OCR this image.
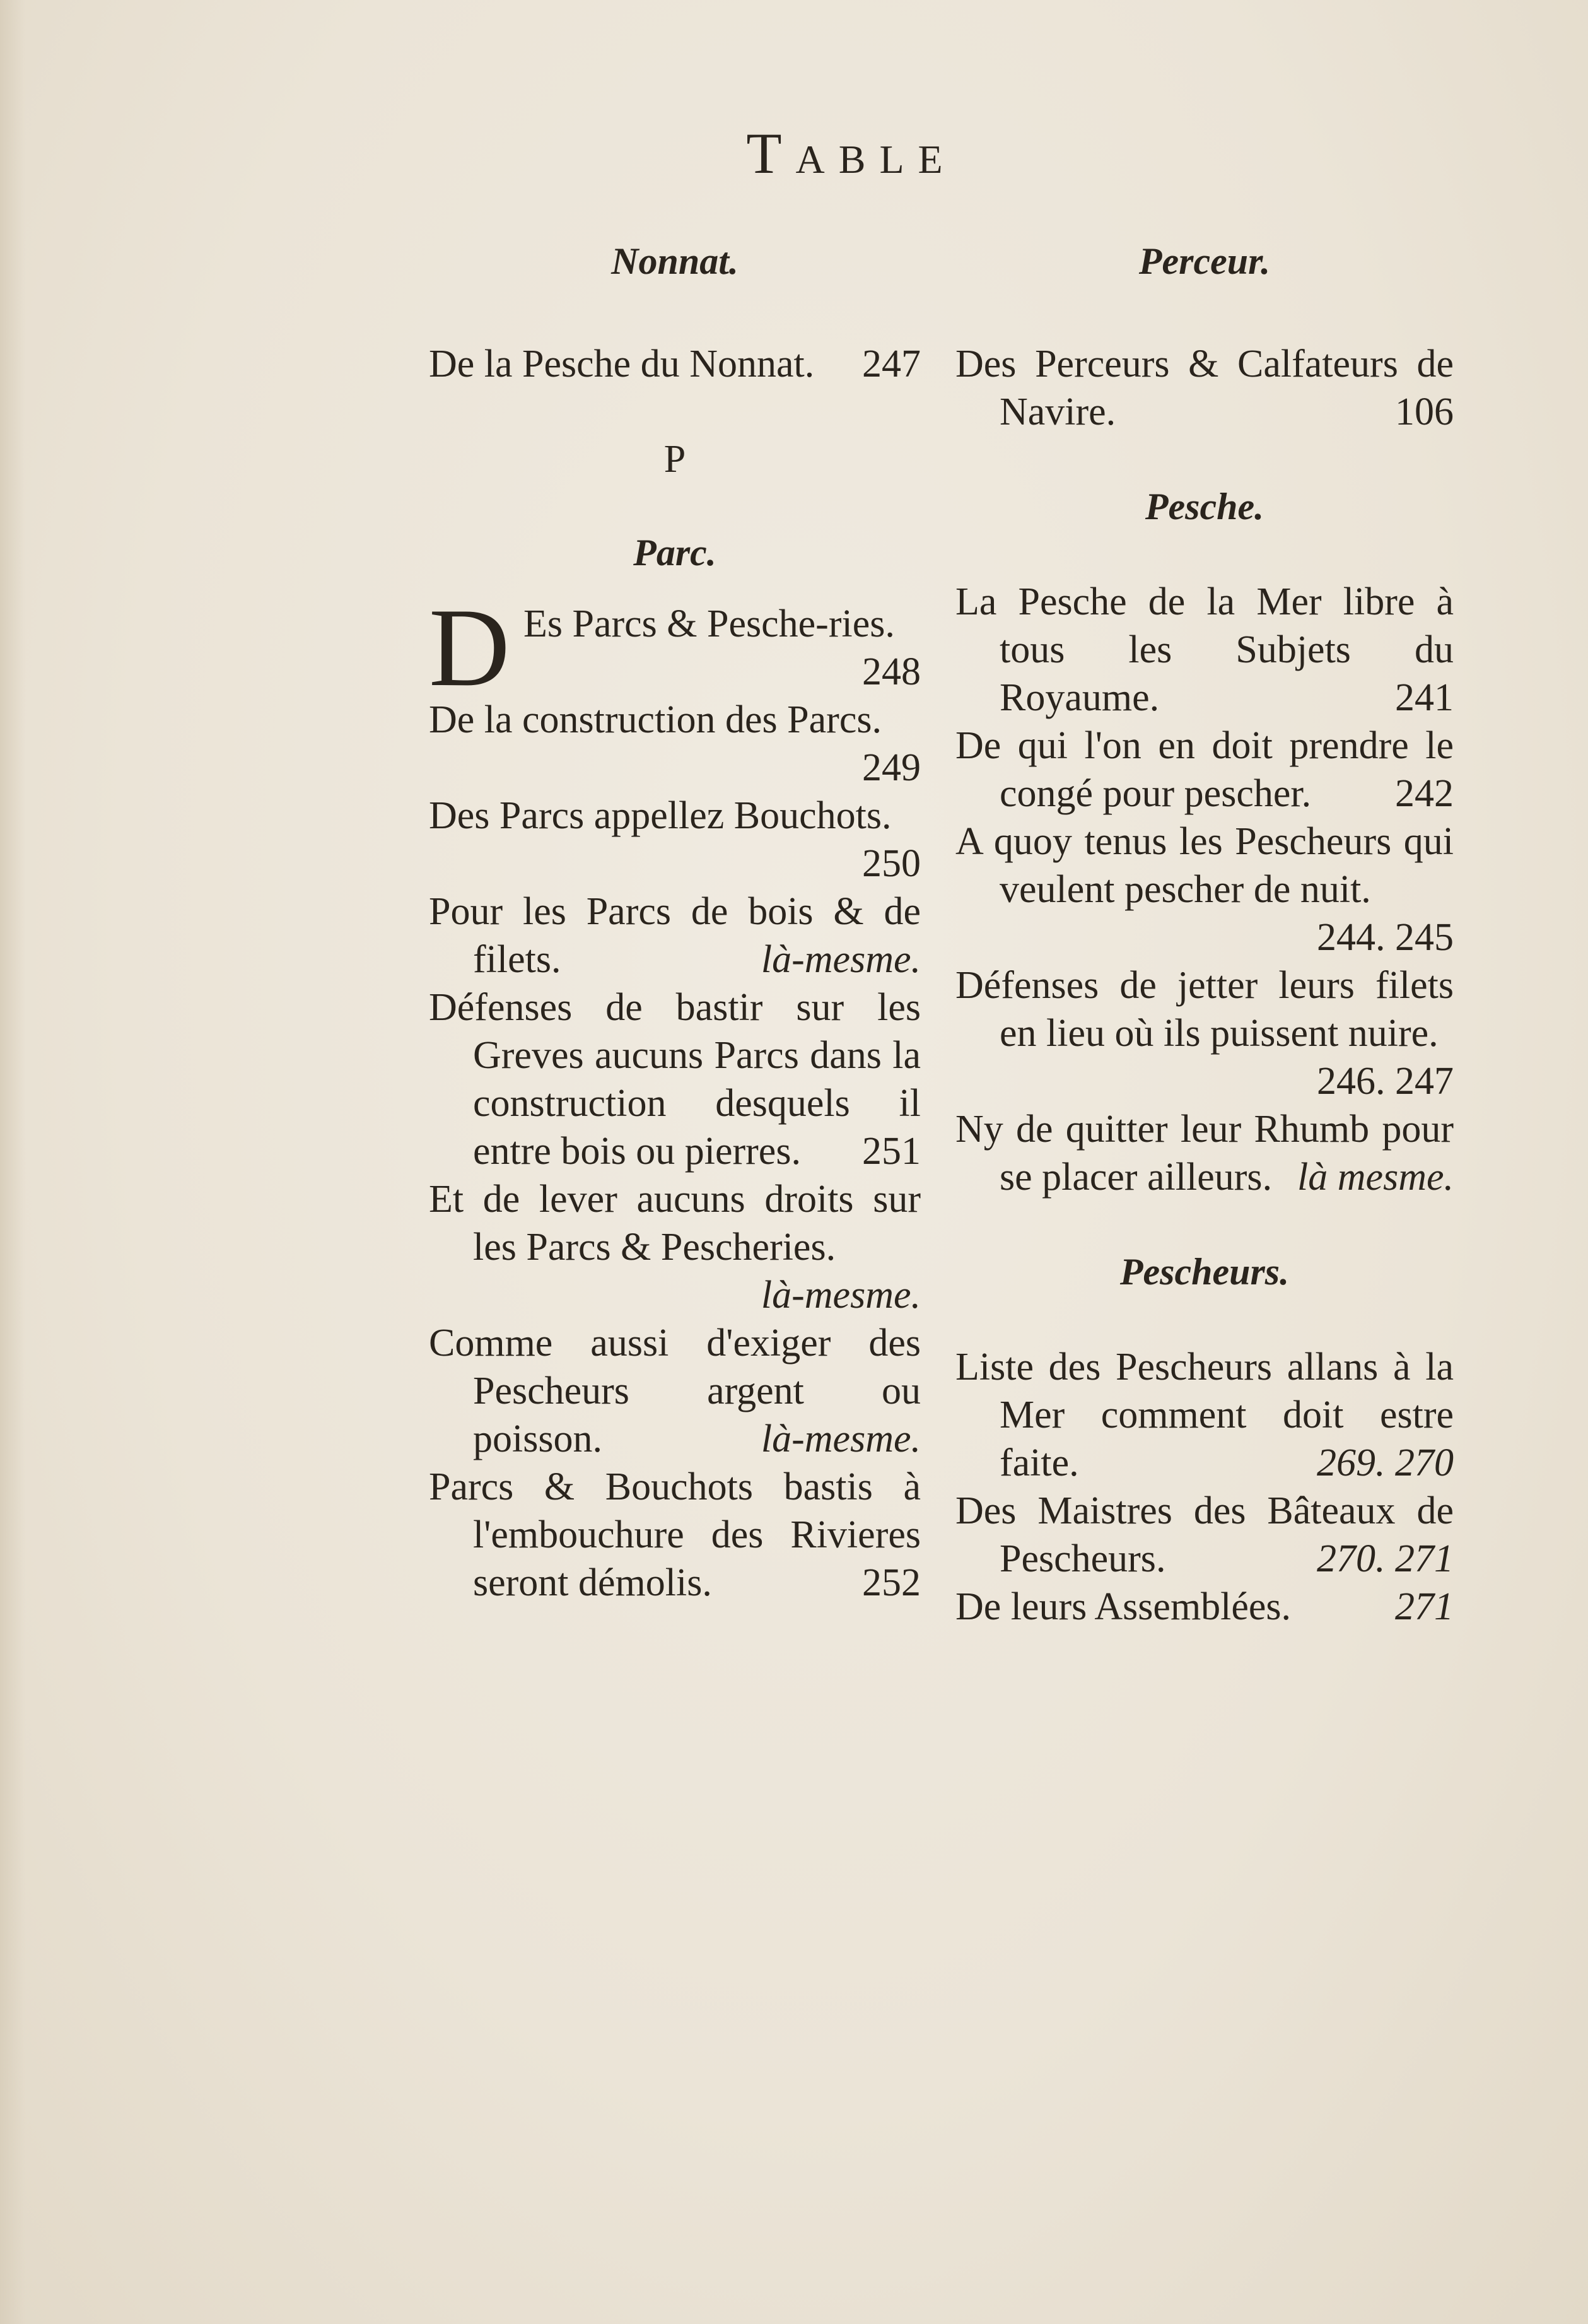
Table

Nonnat.

De la Pesche du Nonnat.	247

P

Parc.

D Es Parcs & Pesche-ries.
248

De la construction des Parcs.
249

Des Parcs appellez Bouchots.
250

Pour les Parcs de bois & de filets.	là-mesme.

Défenses de bastir sur les Greves aucuns Parcs dans la construction desquels il entre bois ou pierres.	251

Et de lever aucuns droits sur les Parcs & Pescheries.
là-mesme.

Comme aussi d'exiger des Pescheurs argent ou poisson.	là-mesme.

Parcs & Bouchots bastis à l'embouchure des Rivieres seront démolis.	252

Perceur.

Des Perceurs & Calfateurs de Navire.	106

Pesche.

La Pesche de la Mer libre à tous les Subjets du Royaume.	241

De qui l'on en doit prendre le congé pour pescher.	242

A quoy tenus les Pescheurs qui veulent pescher de nuit.
244. 245

Défenses de jetter leurs filets en lieu où ils puissent nuire.
246. 247

Ny de quitter leur Rhumb pour se placer ailleurs. là mesme.

Pescheurs.

Liste des Pescheurs allans à la Mer comment doit estre faite.	269. 270

Des Maistres des Bâteaux de Pescheurs.	270. 271

De leurs Assemblées.	271
